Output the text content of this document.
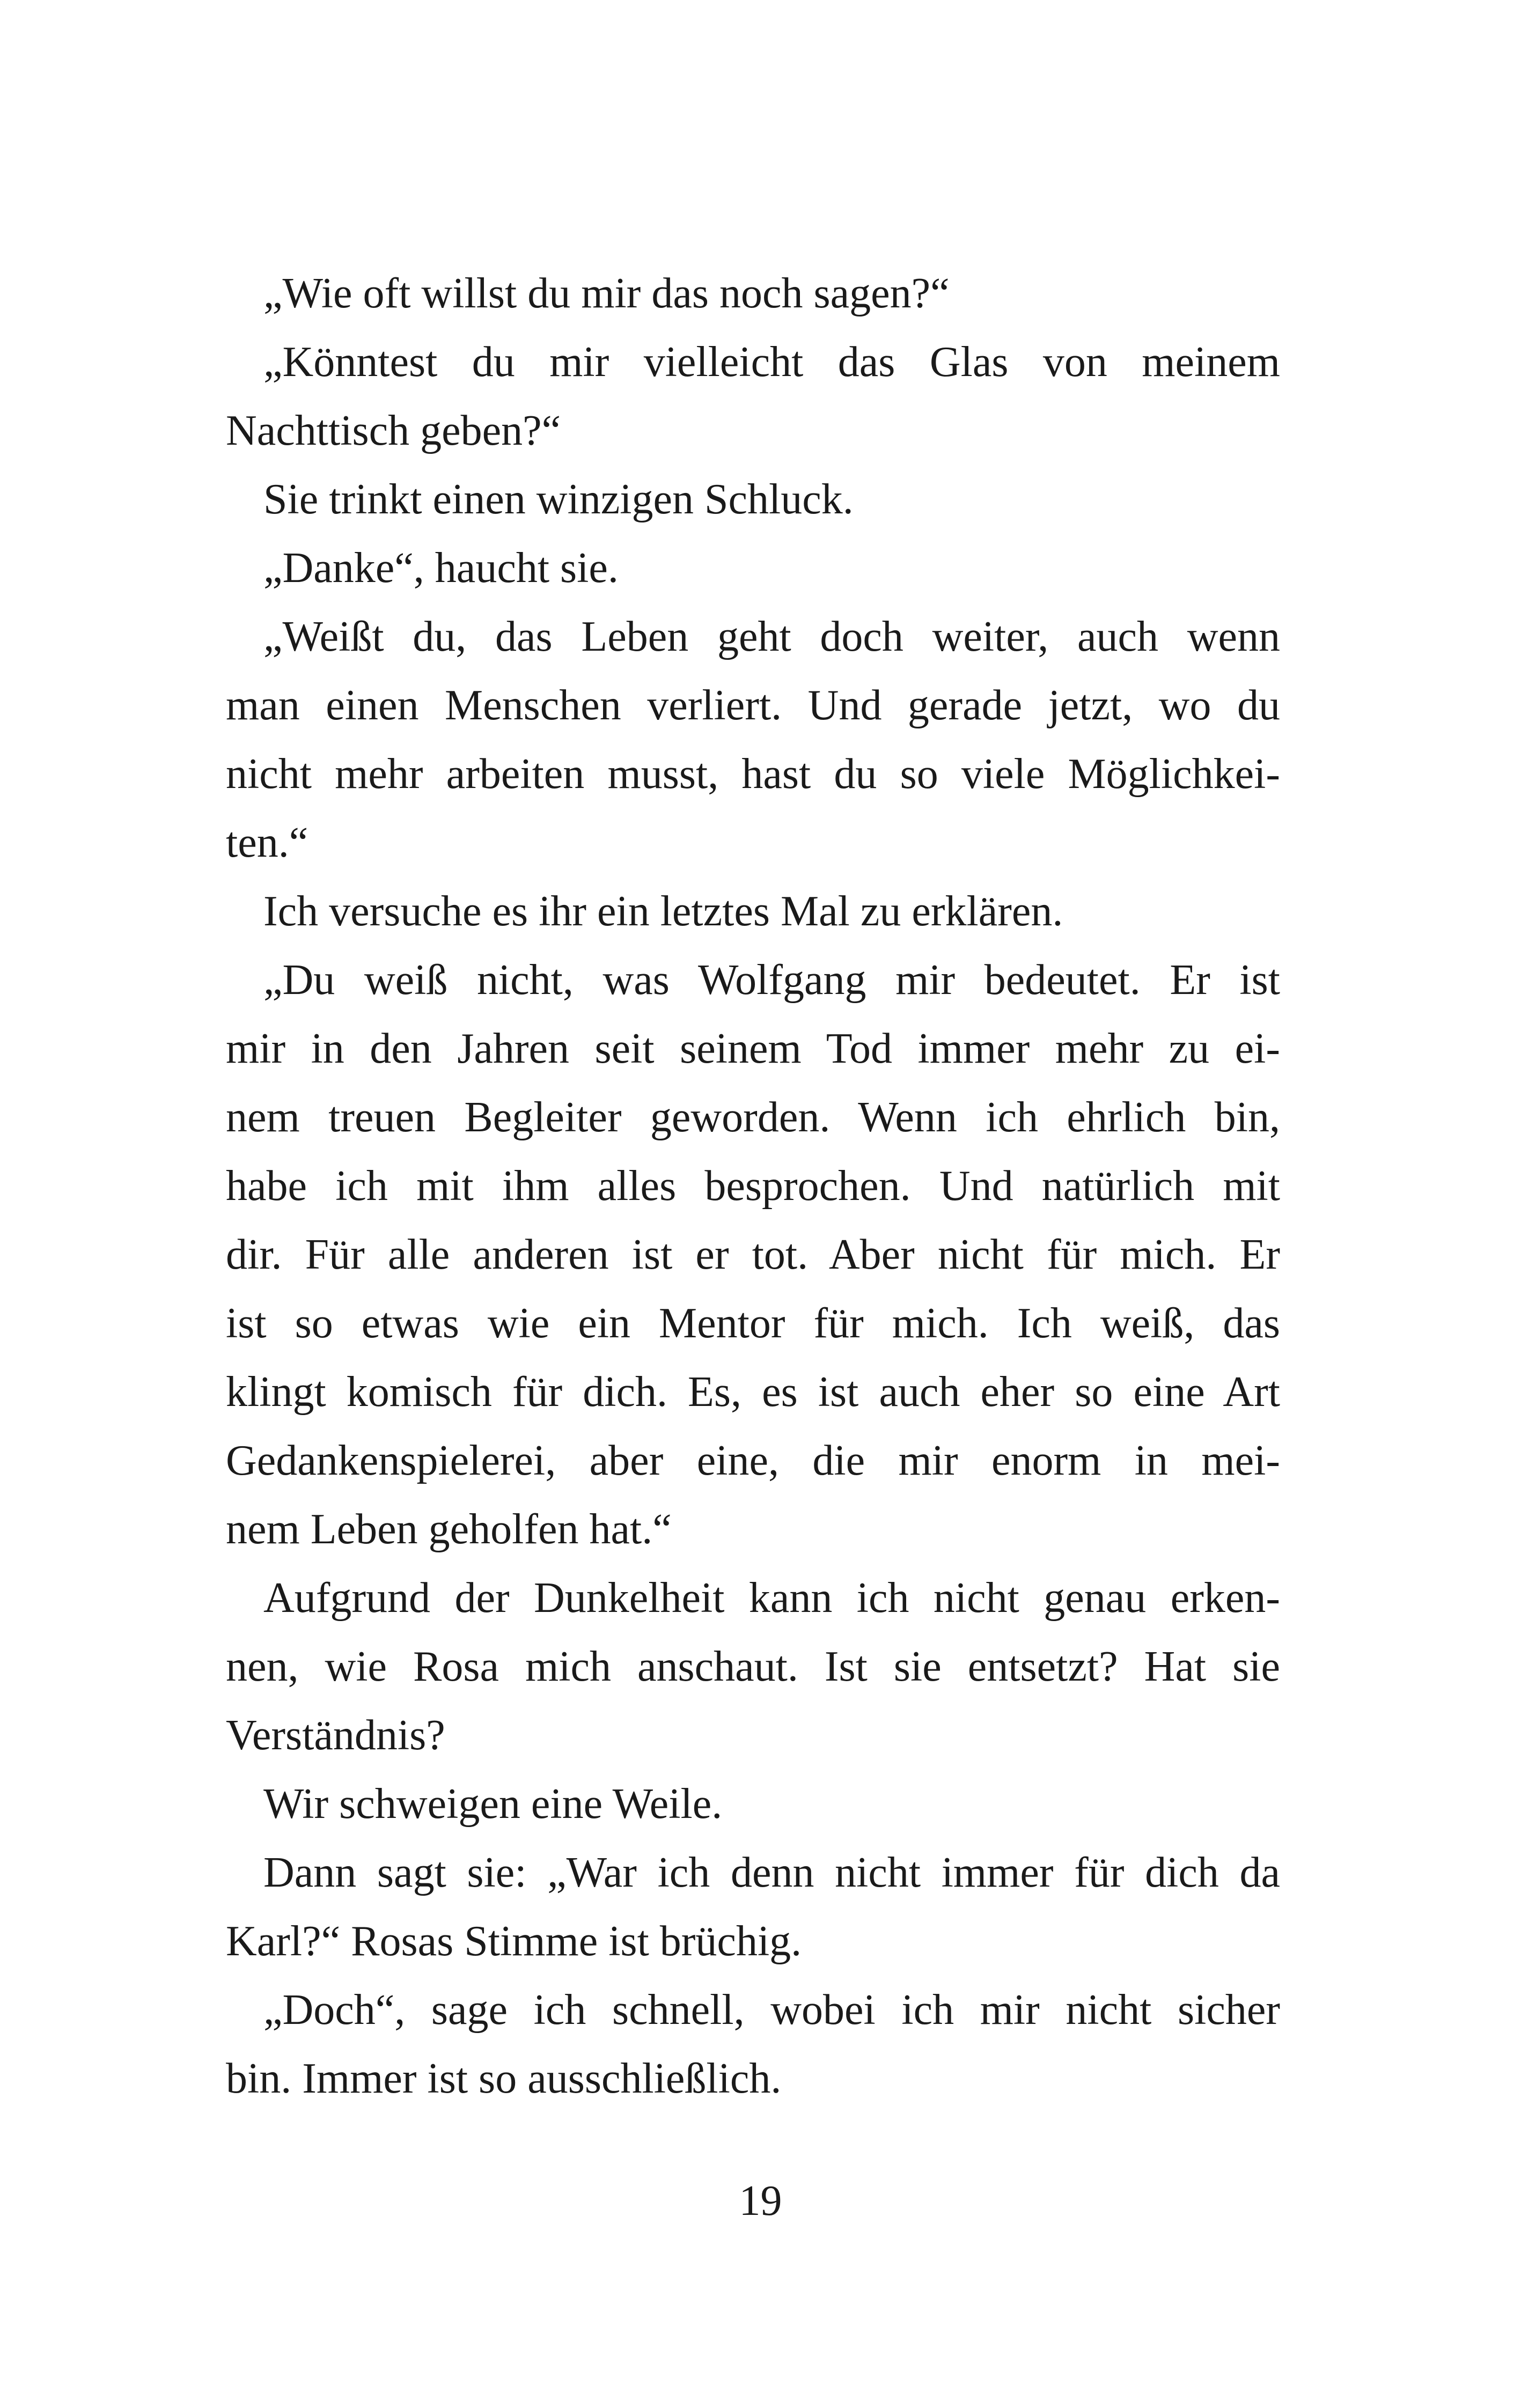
„Wie oft willst du mir das noch sagen?“
„Könntest du mir vielleicht das Glas von meinem
Nachttisch geben?“
Sie trinkt einen winzigen Schluck.
„Danke“, haucht sie.
„Weißt du, das Leben geht doch weiter, auch wenn
man einen Menschen verliert. Und gerade jetzt, wo du
nicht mehr arbeiten musst, hast du so viele Möglichkei-
ten.“
Ich versuche es ihr ein letztes Mal zu erklären.
„Du weiß nicht, was Wolfgang mir bedeutet. Er ist
mir in den Jahren seit seinem Tod immer mehr zu ei-
nem treuen Begleiter geworden. Wenn ich ehrlich bin,
habe ich mit ihm alles besprochen. Und natürlich mit
dir. Für alle anderen ist er tot. Aber nicht für mich. Er
ist so etwas wie ein Mentor für mich. Ich weiß, das
klingt komisch für dich. Es, es ist auch eher so eine Art
Gedankenspielerei, aber eine, die mir enorm in mei-
nem Leben geholfen hat.“
Aufgrund der Dunkelheit kann ich nicht genau erken-
nen, wie Rosa mich anschaut. Ist sie entsetzt? Hat sie
Verständnis?
Wir schweigen eine Weile.
Dann sagt sie: „War ich denn nicht immer für dich da
Karl?“ Rosas Stimme ist brüchig.
„Doch“, sage ich schnell, wobei ich mir nicht sicher
bin. Immer ist so ausschließlich.
19
